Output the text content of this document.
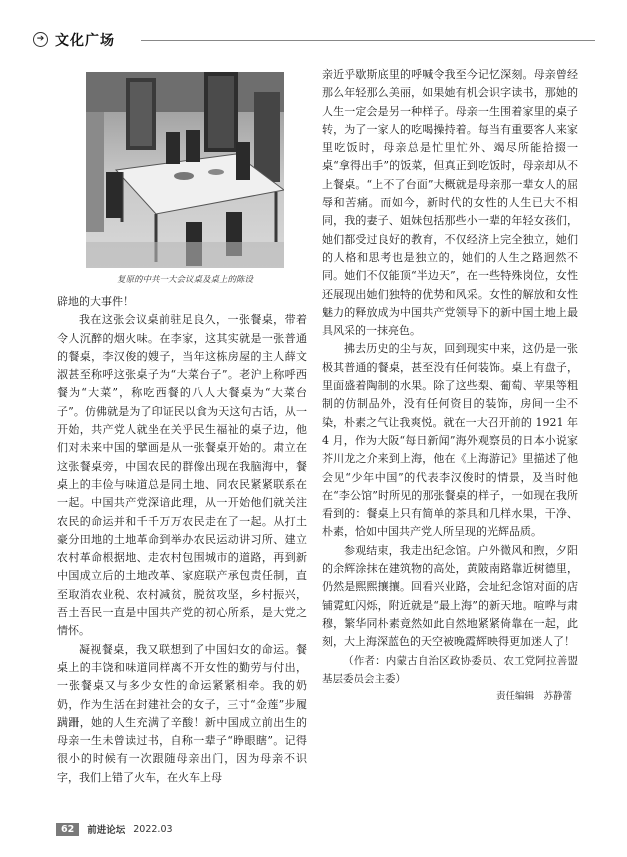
➔ 文化广场
复原的中共一大会议桌及桌上的陈设

辟地的大事件！

我在这张会议桌前驻足良久，一张餐桌，带着令人沉醉的烟火味。在李家，这其实就是一张普通的餐桌，李汉俊的嫂子，当年这栋房屋的主人薛文淑甚至称呼这张桌子为“大菜台子”。老沪上称呼西餐为“大菜”，称吃西餐的八人大餐桌为“大菜台子”。仿佛就是为了印证民以食为天这句古话，从一开始，共产党人就坐在关乎民生福祉的桌子边，他们对未来中国的擘画是从一张餐桌开始的。肃立在这张餐桌旁，中国农民的群像出现在我脑海中，餐桌上的丰俭与味道总是同土地、同农民紧紧联系在一起。中国共产党深谙此理，从一开始他们就关注农民的命运并和千千万万农民走在了一起。从打土豪分田地的土地革命到举办农民运动讲习所、建立农村革命根据地、走农村包围城市的道路，再到新中国成立后的土地改革、家庭联产承包责任制，直至取消农业税、农村减贫，脱贫攻坚，乡村振兴，吾土吾民一直是中国共产党的初心所系，是大党之情怀。

凝视餐桌，我又联想到了中国妇女的命运。餐桌上的丰饶和味道同样离不开女性的勤劳与付出，一张餐桌又与多少女性的命运紧紧相牵。我的奶奶，作为生活在封建社会的女子，三寸“金莲”步履蹒跚，她的人生充满了辛酸！新中国成立前出生的母亲一生未曾读过书，自称一辈子“睁眼瞎”。记得很小的时候有一次跟随母亲出门，因为母亲不识字，我们上错了火车，在火车上母

亲近乎歇斯底里的呼喊令我至今记忆深刻。母亲曾经那么年轻那么美丽，如果她有机会识字读书，那她的人生一定会是另一种样子。母亲一生围着家里的桌子转，为了一家人的吃喝操持着。每当有重要客人来家里吃饭时，母亲总是忙里忙外、竭尽所能拾掇一桌“拿得出手”的饭菜，但真正到吃饭时，母亲却从不上餐桌。“上不了台面”大概就是母亲那一辈女人的屈辱和苦痛。而如今，新时代的女性的人生已大不相同，我的妻子、姐妹包括那些小一辈的年轻女孩们，她们都受过良好的教育，不仅经济上完全独立，她们的人格和思考也是独立的，她们的人生之路迥然不同。她们不仅能顶“半边天”，在一些特殊岗位，女性还展现出她们独特的优势和风采。女性的解放和女性魅力的释放成为中国共产党领导下的新中国土地上最具风采的一抹亮色。

拂去历史的尘与灰，回到现实中来，这仍是一张极其普通的餐桌，甚至没有任何装饰。桌上有盘子，里面盛着陶制的水果。除了这些梨、葡萄、苹果等粗制的仿制品外，没有任何资目的装饰，房间一尘不染，朴素之气让我爽悦。就在一大召开前的 1921 年 4 月，作为大阪“每日新闻”海外观察员的日本小说家芥川龙之介来到上海，他在《上海游记》里描述了他会见“少年中国”的代表李汉俊时的情景，及当时他在“李公馆”时所见的那张餐桌的样子，一如现在我所看到的：餐桌上只有简单的茶具和几样水果，干净、朴素，恰如中国共产党人所呈现的光辉品质。

参观结束，我走出纪念馆。户外微风和煦，夕阳的余辉涂抹在建筑物的高处，黄陂南路靠近树德里，仍然是熙熙攘攘。回看兴业路，会址纪念馆对面的店铺霓虹闪烁，附近就是“最上海”的新天地。喧哗与肃穆，繁华同朴素竟然如此自然地紧紧倚靠在一起，此刻，大上海深蓝色的天空被晚霞辉映得更加迷人了！

（作者：内蒙古自治区政协委员、农工党阿拉善盟基层委员会主委）

责任编辑　苏静蕾

62	前进论坛 2022.03
